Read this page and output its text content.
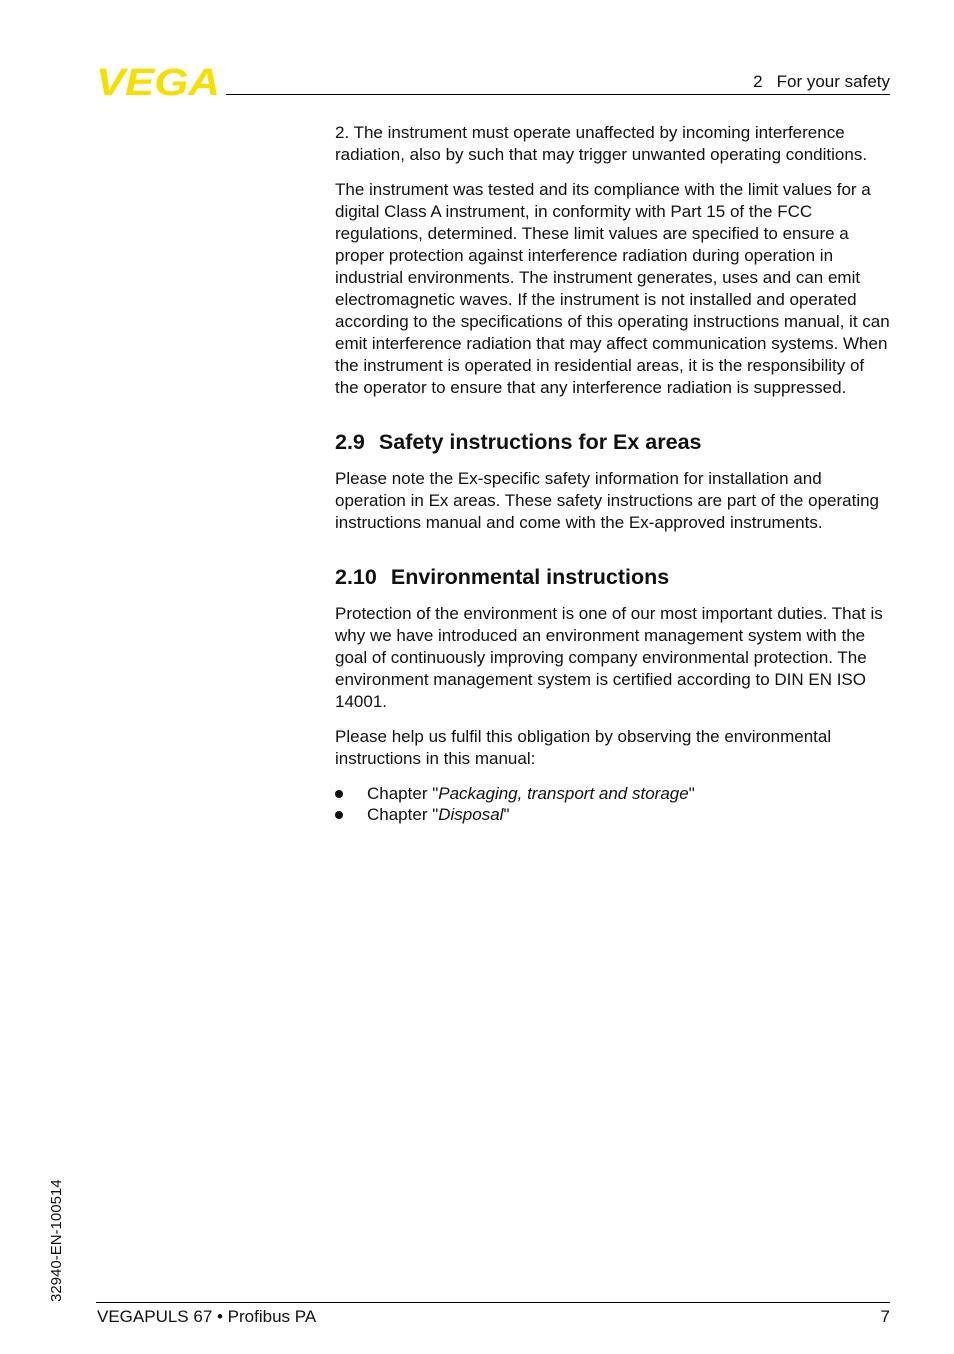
VEGA	2 For your safety

2. The instrument must operate unaffected by incoming interference radiation, also by such that may trigger unwanted operating conditions.

The instrument was tested and its compliance with the limit values for a digital Class A instrument, in conformity with Part 15 of the FCC regulations, determined. These limit values are specified to ensure a proper protection against interference radiation during operation in industrial environments. The instrument generates, uses and can emit electromagnetic waves. If the instrument is not installed and operated according to the specifications of this operating instructions manual, it can emit interference radiation that may affect communication systems. When the instrument is operated in residential areas, it is the responsibility of the operator to ensure that any interference radiation is suppressed.

2.9 Safety instructions for Ex areas

Please note the Ex-specific safety information for installation and operation in Ex areas. These safety instructions are part of the operating instructions manual and come with the Ex-approved instruments.

2.10 Environmental instructions

Protection of the environment is one of our most important duties. That is why we have introduced an environment management system with the goal of continuously improving company environmental protection. The environment management system is certified according to DIN EN ISO 14001.

Please help us fulfil this obligation by observing the environmental instructions in this manual:

Chapter "Packaging, transport and storage"
Chapter "Disposal"
32940-EN-100514
VEGAPULS 67 • Profibus PA	7
